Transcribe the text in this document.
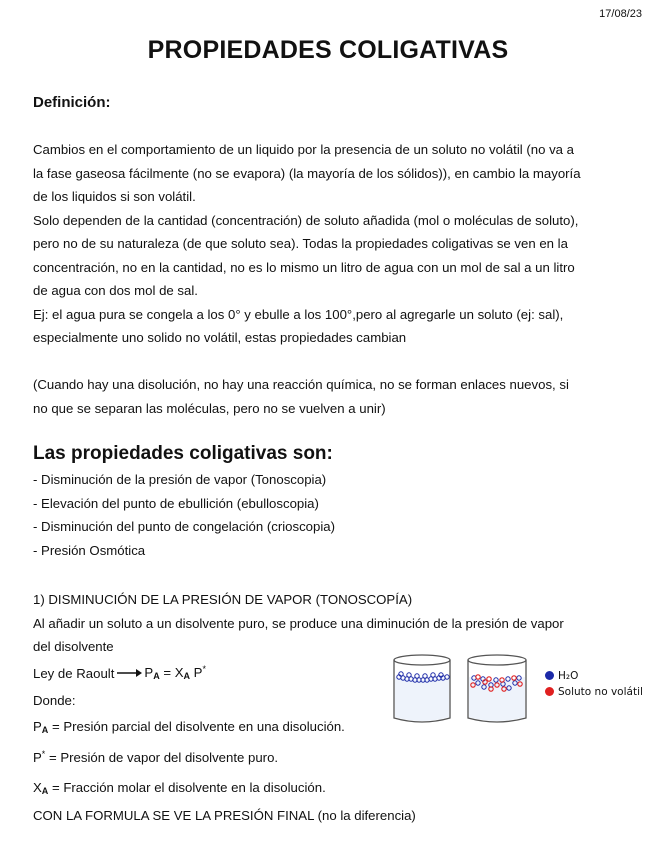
17/08/23
PROPIEDADES COLIGATIVAS
Definición:
Cambios en el comportamiento de un liquido por la presencia de un soluto no volátil (no va a
la fase gaseosa fácilmente (no se evapora) (la mayoría de los sólidos)), en cambio la mayoría
de los liquidos si son volátil.
Solo dependen de la cantidad (concentración) de soluto añadida (mol o moléculas de soluto),
pero no de su naturaleza (de que soluto sea). Todas la propiedades coligativas se ven en la
concentración, no en la cantidad, no es lo mismo un litro de agua con un mol de sal a un litro
de agua con dos mol de sal.
Ej: el agua pura se congela a los 0° y ebulle a los 100°,pero al agregarle un soluto (ej: sal),
especialmente uno solido no volátil, estas propiedades cambian
(Cuando hay una disolución, no hay una reacción química, no se forman enlaces nuevos, si
no que se separan las moléculas, pero no se vuelven a unir)
Las propiedades coligativas son:
- Disminución de la presión de vapor (Tonoscopia)
- Elevación del punto de ebullición (ebulloscopia)
- Disminución del punto de congelación (crioscopia)
- Presión Osmótica
1) DISMINUCIÓN DE LA PRESIÓN DE VAPOR (TONOSCOPÍA)
Al añadir un soluto a un disolvente puro, se produce una diminución de la presión de vapor
del disolvente
Ley de Raoult $P_A = X_A$ P*
Donde:
$P_A$ = Presión parcial del disolvente en una disolución.
P* = Presión de vapor del disolvente puro.
$X_A$ = Fracción molar el disolvente en la disolución.
CON LA FORMULA SE VE LA PRESIÓN FINAL (no la diferencia)
H₂O
Soluto no volátil
